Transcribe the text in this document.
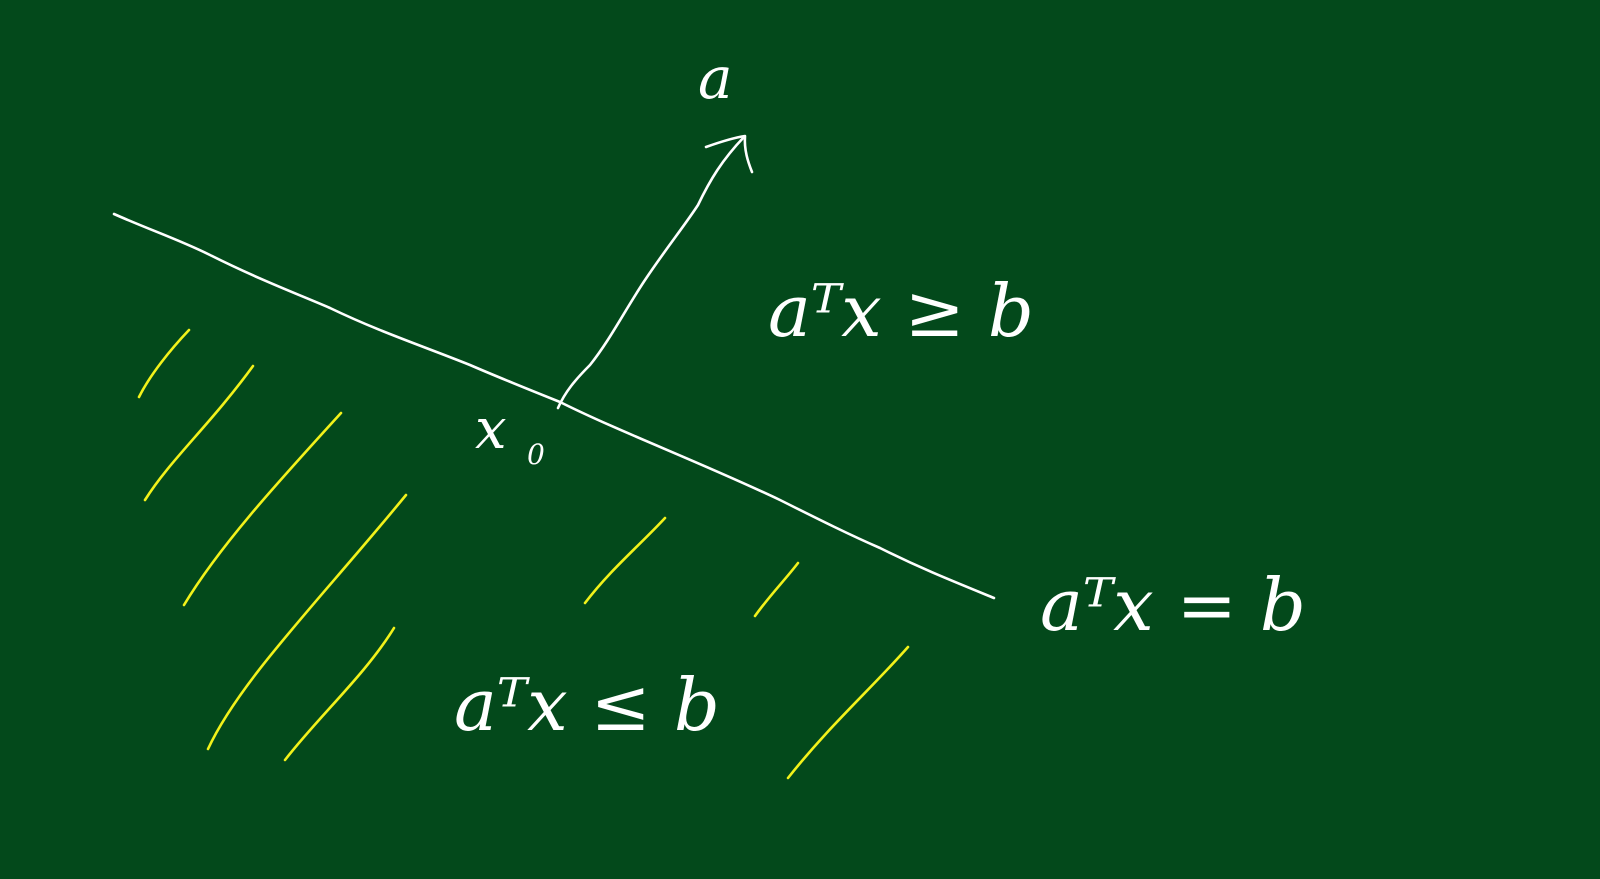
a
x 0
aᵀx ≥ b
aᵀx = b
aᵀx ≤ b
